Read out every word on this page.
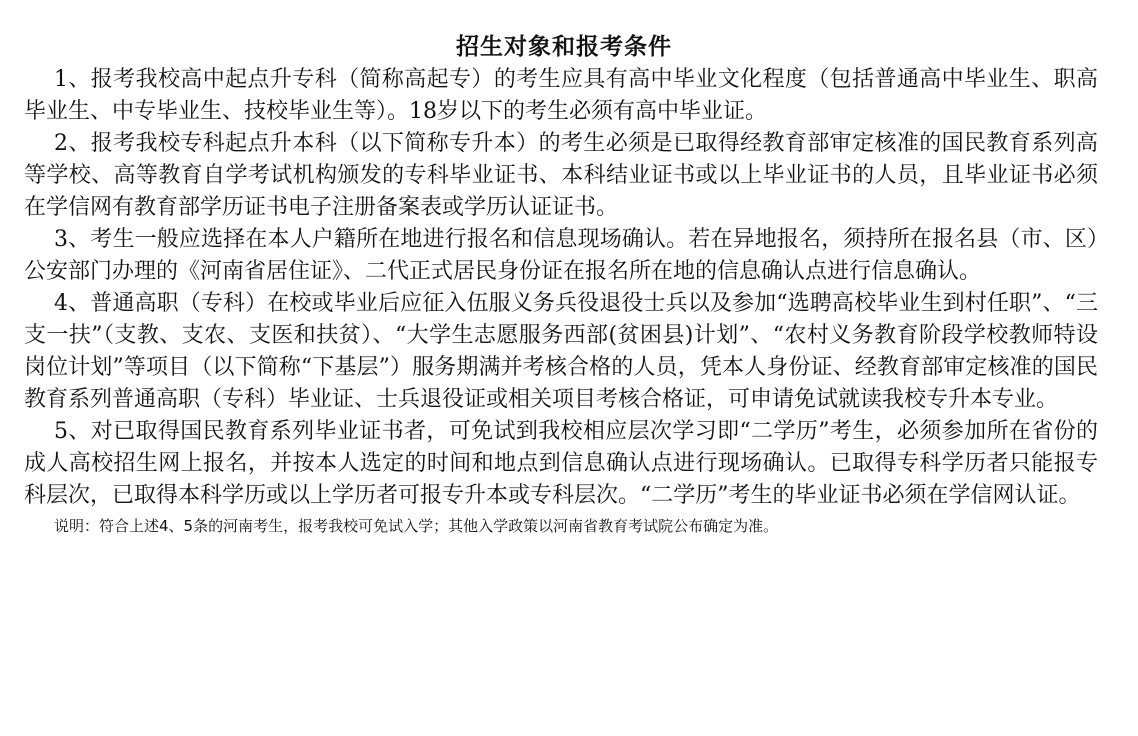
招生对象和报考条件

1、报考我校高中起点升专科（简称高起专）的考生应具有高中毕业文化程度（包括普通高中毕业生、职高毕业生、中专毕业生、技校毕业生等）。18岁以下的考生必须有高中毕业证。

2、报考我校专科起点升本科（以下简称专升本）的考生必须是已取得经教育部审定核准的国民教育系列高等学校、高等教育自学考试机构颁发的专科毕业证书、本科结业证书或以上毕业证书的人员，且毕业证书必须在学信网有教育部学历证书电子注册备案表或学历认证证书。

3、考生一般应选择在本人户籍所在地进行报名和信息现场确认。若在异地报名，须持所在报名县（市、区）公安部门办理的《河南省居住证》、二代正式居民身份证在报名所在地的信息确认点进行信息确认。

4、普通高职（专科）在校或毕业后应征入伍服义务兵役退役士兵以及参加“选聘高校毕业生到村任职”、“三支一扶”（支教、支农、支医和扶贫）、“大学生志愿服务西部(贫困县)计划”、“农村义务教育阶段学校教师特设岗位计划”等项目（以下简称“下基层”）服务期满并考核合格的人员，凭本人身份证、经教育部审定核准的国民教育系列普通高职（专科）毕业证、士兵退役证或相关项目考核合格证，可申请免试就读我校专升本专业。

5、对已取得国民教育系列毕业证书者，可免试到我校相应层次学习即“二学历”考生，必须参加所在省份的成人高校招生网上报名，并按本人选定的时间和地点到信息确认点进行现场确认。已取得专科学历者只能报专科层次，已取得本科学历或以上学历者可报专升本或专科层次。“二学历”考生的毕业证书必须在学信网认证。

说明：符合上述4、5条的河南考生，报考我校可免试入学；其他入学政策以河南省教育考试院公布确定为准。
